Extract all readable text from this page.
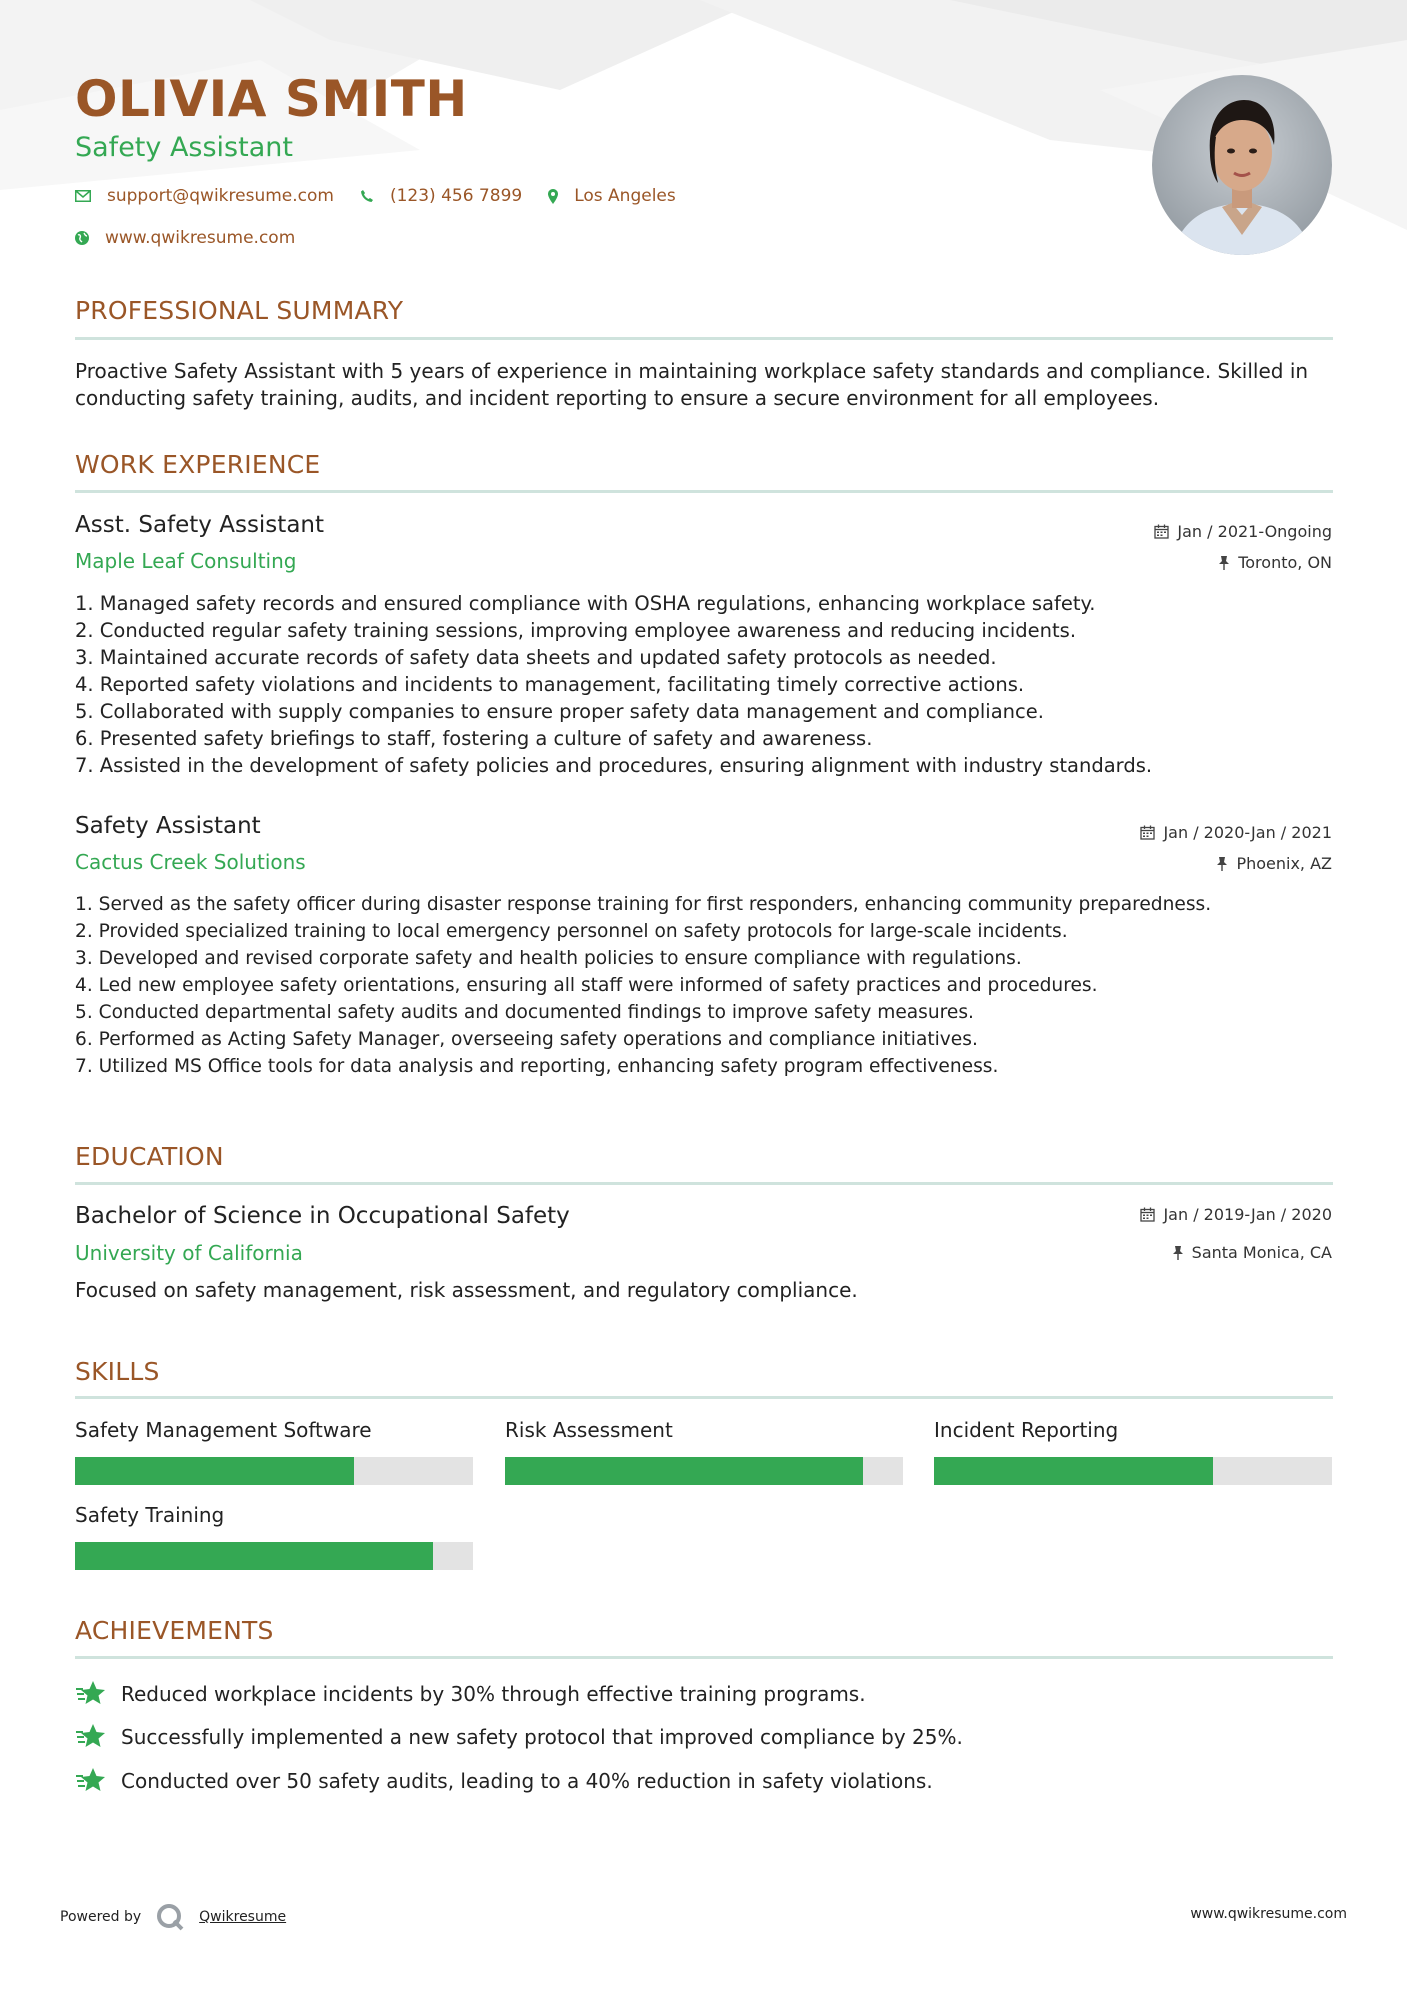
OLIVIA SMITH
Safety Assistant
support@qwikresume.com	(123) 456 7899	Los Angeles
www.qwikresume.com
PROFESSIONAL SUMMARY

Proactive Safety Assistant with 5 years of experience in maintaining workplace safety standards and compliance. Skilled in conducting safety training, audits, and incident reporting to ensure a secure environment for all employees.

WORK EXPERIENCE
Asst. Safety Assistant	Jan / 2021-Ongoing
Maple Leaf Consulting	Toronto, ON
1. Managed safety records and ensured compliance with OSHA regulations, enhancing workplace safety.
2. Conducted regular safety training sessions, improving employee awareness and reducing incidents.
3. Maintained accurate records of safety data sheets and updated safety protocols as needed.
4. Reported safety violations and incidents to management, facilitating timely corrective actions.
5. Collaborated with supply companies to ensure proper safety data management and compliance.
6. Presented safety briefings to staff, fostering a culture of safety and awareness.
7. Assisted in the development of safety policies and procedures, ensuring alignment with industry standards.
Safety Assistant	Jan / 2020-Jan / 2021
Cactus Creek Solutions	Phoenix, AZ
1. Served as the safety officer during disaster response training for first responders, enhancing community preparedness.
2. Provided specialized training to local emergency personnel on safety protocols for large-scale incidents.
3. Developed and revised corporate safety and health policies to ensure compliance with regulations.
4. Led new employee safety orientations, ensuring all staff were informed of safety practices and procedures.
5. Conducted departmental safety audits and documented findings to improve safety measures.
6. Performed as Acting Safety Manager, overseeing safety operations and compliance initiatives.
7. Utilized MS Office tools for data analysis and reporting, enhancing safety program effectiveness.
EDUCATION
Bachelor of Science in Occupational Safety	Jan / 2019-Jan / 2020
University of California	Santa Monica, CA

Focused on safety management, risk assessment, and regulatory compliance.

SKILLS
Safety Management Software	Risk Assessment	Incident Reporting
Safety Training
ACHIEVEMENTS
Reduced workplace incidents by 30% through effective training programs.
Successfully implemented a new safety protocol that improved compliance by 25%.
Conducted over 50 safety audits, leading to a 40% reduction in safety violations.
Powered by	Qwikresume	www.qwikresume.com
